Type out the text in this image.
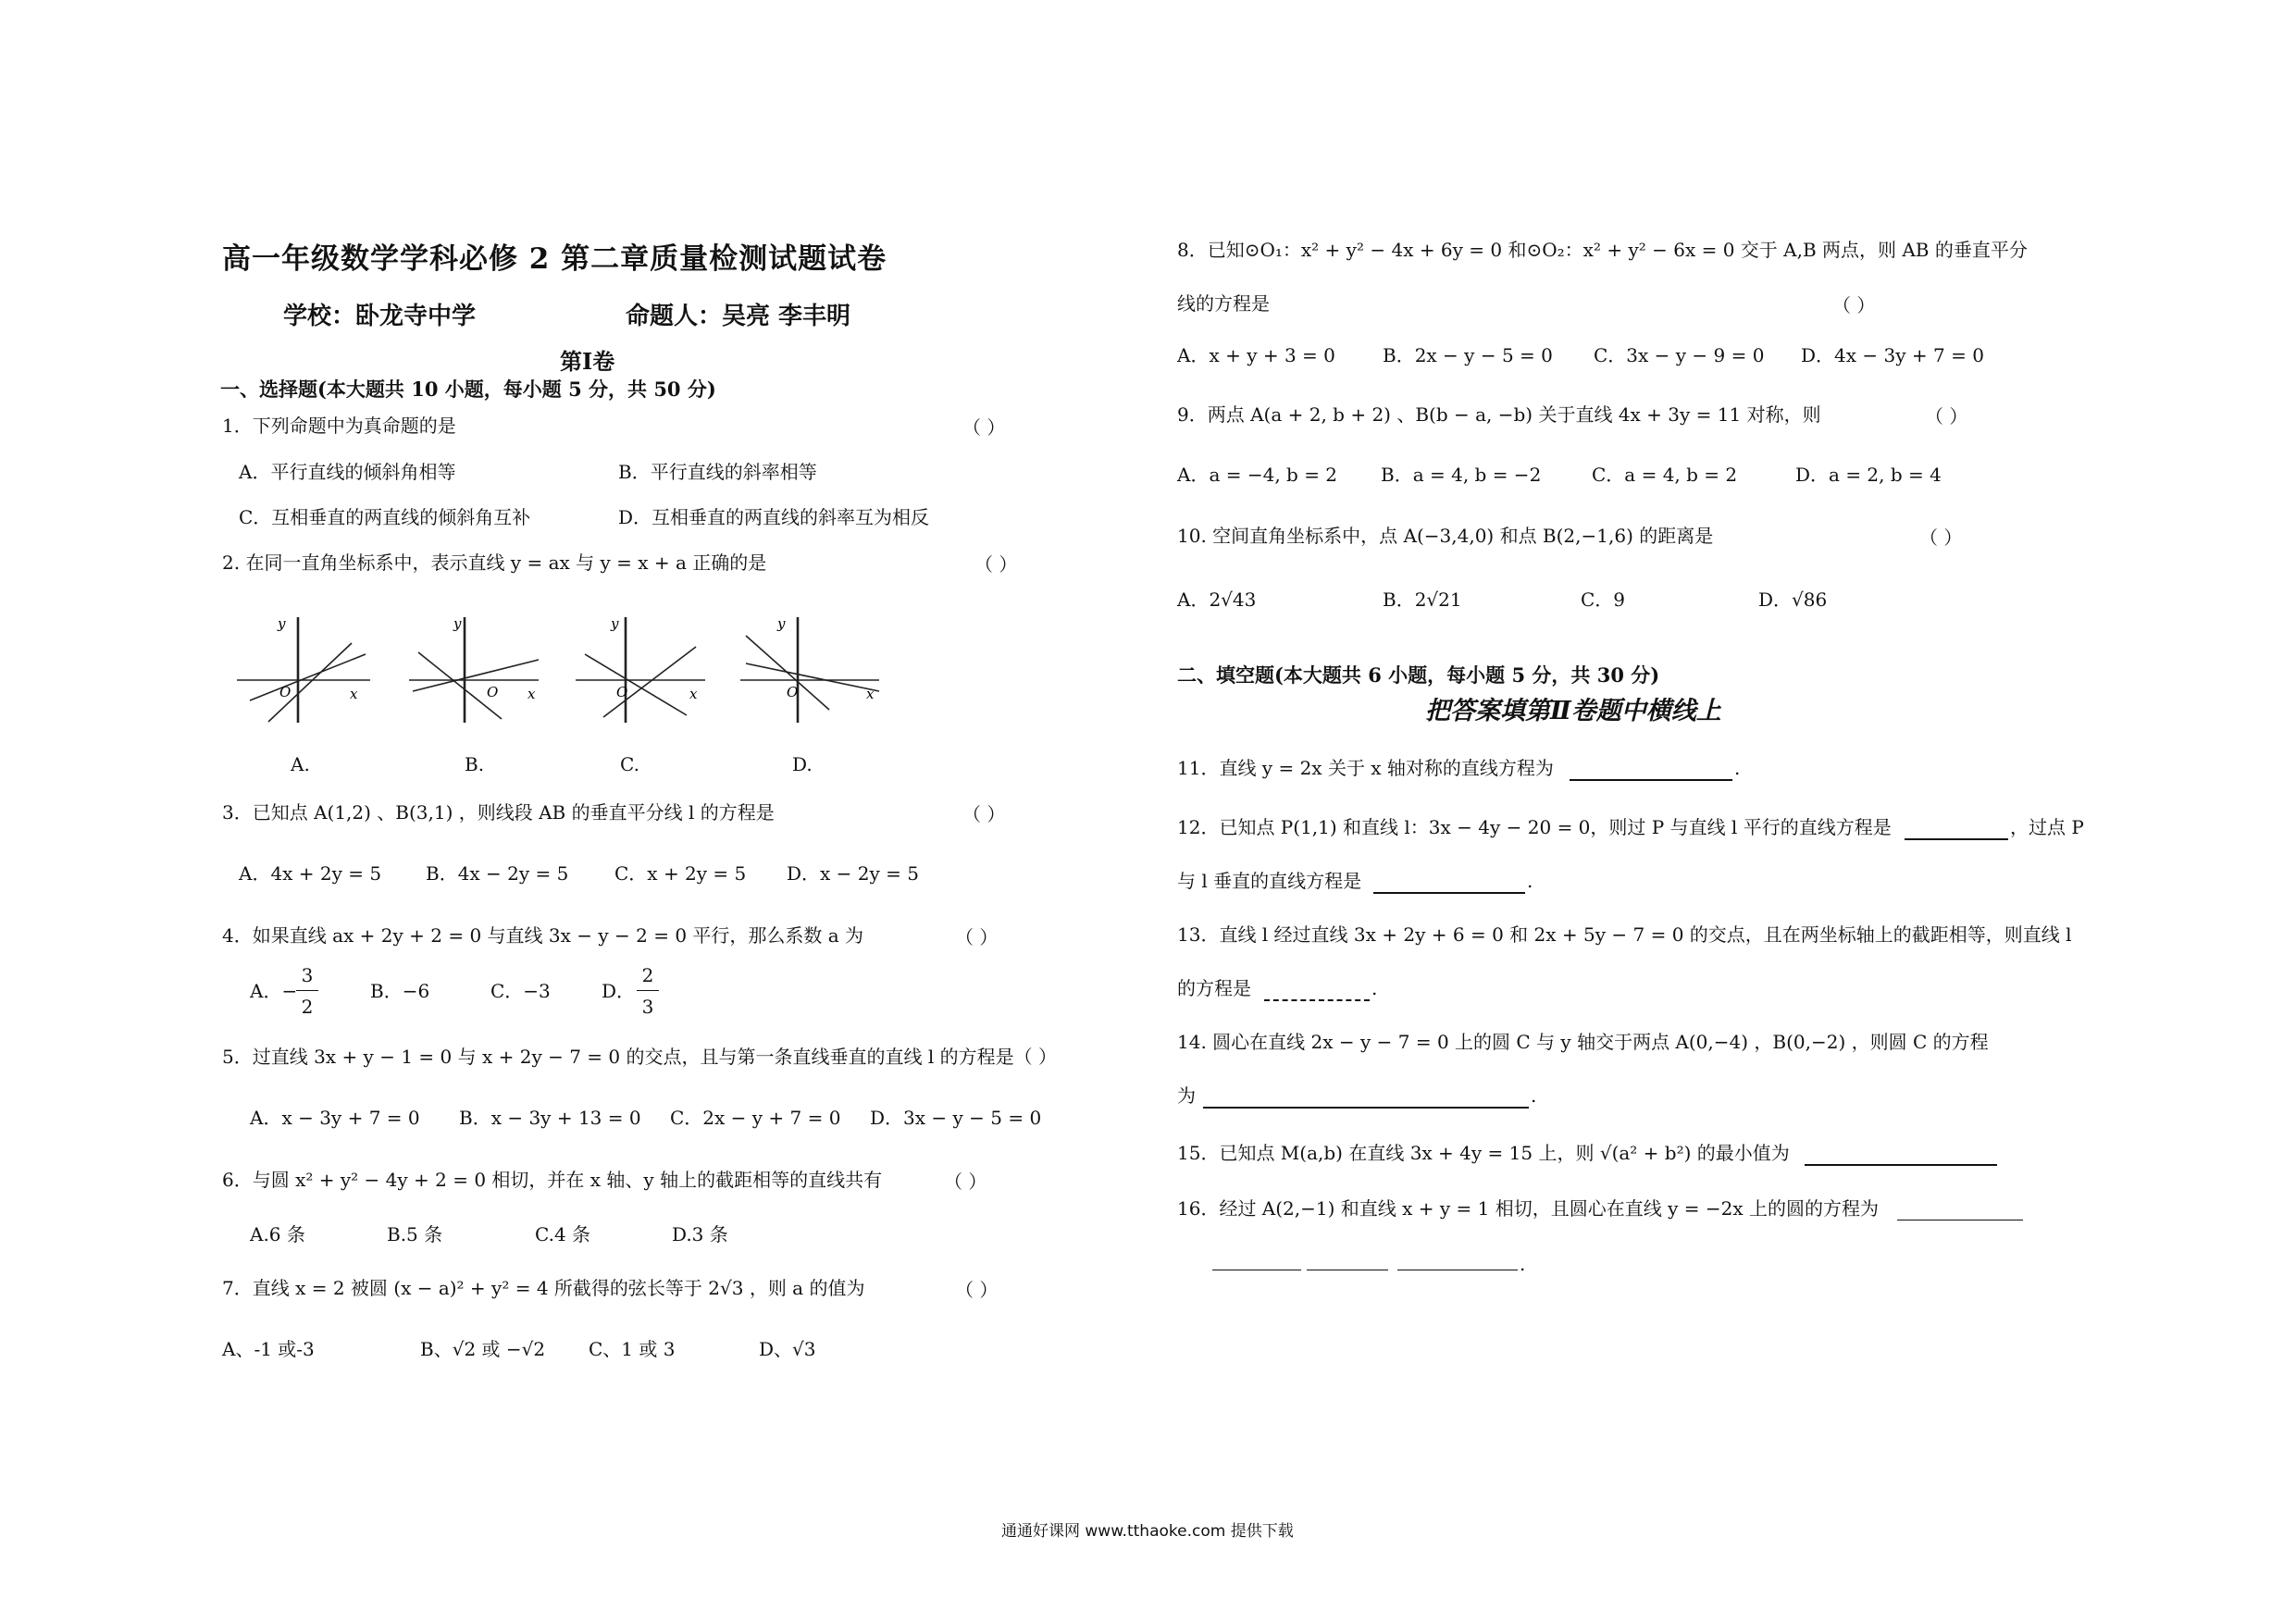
高一年级数学学科必修 2 第二章质量检测试题试卷
学校：卧龙寺中学	命题人：吴亮 李丰明
第Ⅰ卷
一、选择题(本大题共 10 小题，每小题 5 分，共 50 分)
1．下列命题中为真命题的是	（ ）
A．平行直线的倾斜角相等	B．平行直线的斜率相等
C．互相垂直的两直线的倾斜角互补	D．互相垂直的两直线的斜率互为相反
2. 在同一直角坐标系中，表示直线 y = ax 与 y = x + a 正确的是	（ ）
y
x
O
y
x
O
y
x
O
y
x
O
A.	B.	C.	D.
3．已知点 A(1,2) 、B(3,1) ，则线段 AB 的垂直平分线 l 的方程是	（ ）
A．4x + 2y = 5 B．4x − 2y = 5 C．x + 2y = 5 D．x − 2y = 5
4．如果直线 ax + 2y + 2 = 0 与直线 3x − y − 2 = 0 平行，那么系数 a 为	（ ）
A．−
3
2
B．−6	C．−3	D．
2
3
5．过直线 3x + y − 1 = 0 与 x + 2y − 7 = 0 的交点，且与第一条直线垂直的直线 l 的方程是（ ）
A．x − 3y + 7 = 0 B．x − 3y + 13 = 0 C．2x − y + 7 = 0 D．3x − y − 5 = 0
6．与圆 x² + y² − 4y + 2 = 0 相切，并在 x 轴、y 轴上的截距相等的直线共有	（ ）
A.6 条	B.5 条	C.4 条	D.3 条
7．直线 x = 2 被圆 (x − a)² + y² = 4 所截得的弦长等于 2√3 ，则 a 的值为	（ ）
A、-1 或-3	B、√2 或 −√2 C、1 或 3	D、√3
8．已知⊙O₁：x² + y² − 4x + 6y = 0 和⊙O₂：x² + y² − 6x = 0 交于 A,B 两点，则 AB 的垂直平分
线的方程是	（ ）
A．x + y + 3 = 0	B．2x − y − 5 = 0 C．3x − y − 9 = 0 D．4x − 3y + 7 = 0
9．两点 A(a + 2, b + 2) 、B(b − a, −b) 关于直线 4x + 3y = 11 对称，则	（ ）
A．a = −4, b = 2 B．a = 4, b = −2	C．a = 4, b = 2	D．a = 2, b = 4
10. 空间直角坐标系中，点 A(−3,4,0) 和点 B(2,−1,6) 的距离是	（ ）
A．2√43	B．2√21	C．9	D．√86
二、填空题(本大题共 6 小题，每小题 5 分，共 30 分)
把答案填第Ⅱ卷题中横线上
11．直线 y = 2x 关于 x 轴对称的直线方程为	.
12．已知点 P(1,1) 和直线 l：3x − 4y − 20 = 0，则过 P 与直线 l 平行的直线方程是	，过点 P
与 l 垂直的直线方程是	.
13．直线 l 经过直线 3x + 2y + 6 = 0 和 2x + 5y − 7 = 0 的交点，且在两坐标轴上的截距相等，则直线 l
的方程是	.
14. 圆心在直线 2x − y − 7 = 0 上的圆 C 与 y 轴交于两点 A(0,−4) ，B(0,−2) ，则圆 C 的方程
为	.
15．已知点 M(a,b) 在直线 3x + 4y = 15 上，则 √(a² + b²) 的最小值为
16．经过 A(2,−1) 和直线 x + y = 1 相切，且圆心在直线 y = −2x 上的圆的方程为
.
通通好课网 www.tthaoke.com 提供下载
